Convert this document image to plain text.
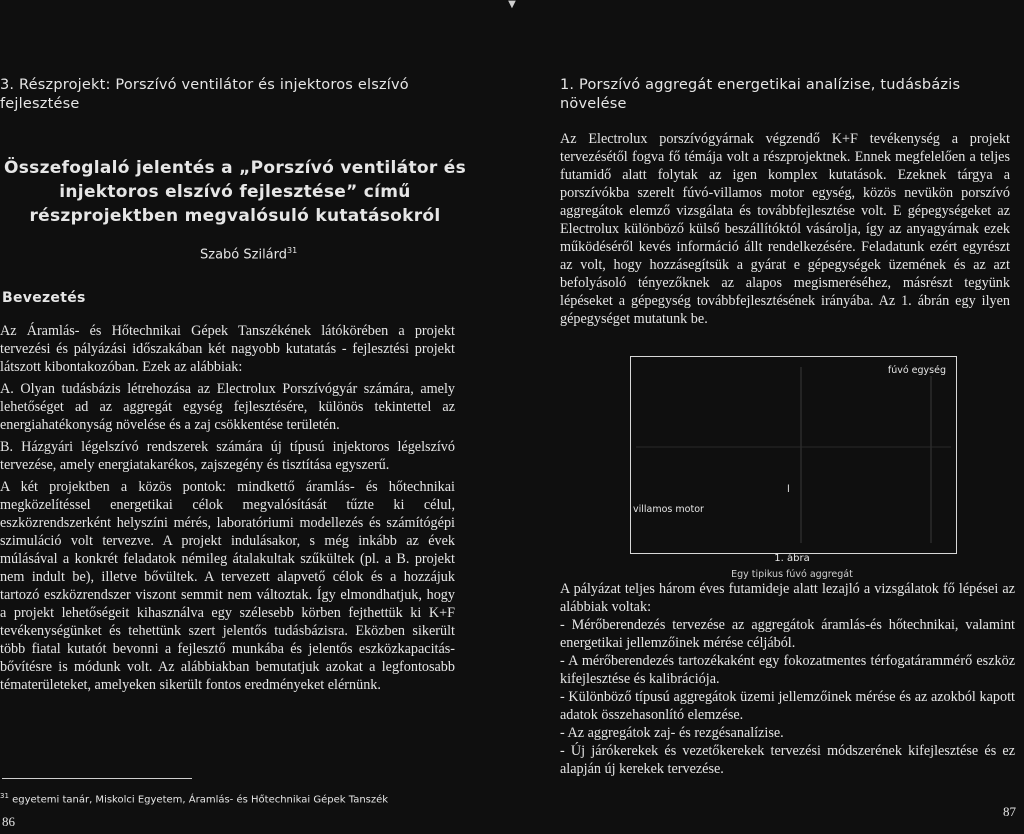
▼
3. Részprojekt: Porszívó ventilátor és injektoros elszívó fejlesztése
Összefoglaló jelentés a „Porszívó ventilátor és injektoros elszívó fejlesztése” című részprojektben megvalósuló kutatásokról
Szabó Szilárd$^{31}$
Bevezetés

Az Áramlás- és Hőtechnikai Gépek Tanszékének látókörében a projekt tervezési és pályázási időszakában két nagyobb kutatatás - fejlesztési projekt látszott kibontakozóban. Ezek az alábbiak:

A. Olyan tudásbázis létrehozása az Electrolux Porszívógyár számára, amely lehetőséget ad az aggregát egység fejlesztésére, különös tekintettel az energiahatékonyság növelése és a zaj csökkentése területén.

B. Házgyári légelszívó rendszerek számára új típusú injektoros légelszívó tervezése, amely energiatakarékos, zajszegény és tisztítása egyszerű.

A két projektben a közös pontok: mindkettő áramlás- és hőtechnikai megközelítéssel energetikai célok megvalósítását tűzte ki célul, eszközrendszerként helyszíni mérés, laboratóriumi modellezés és számítógépi szimuláció volt tervezve. A projekt indulásakor, s még inkább az évek múlásával a konkrét feladatok némileg átalakultak szűkültek (pl. a B. projekt nem indult be), illetve bővültek. A tervezett alapvető célok és a hozzájuk tartozó eszközrendszer viszont semmit nem változtak. Így elmondhatjuk, hogy a projekt lehetőségeit kihasználva egy szélesebb körben fejthettük ki K+F tevékenységünket és tehettünk szert jelentős tudásbázisra. Eközben sikerült több fiatal kutatót bevonni a fejlesztő munkába és jelentős eszközkapacitás-bővítésre is módunk volt. Az alábbiakban bemutatjuk azokat a legfontosabb tématerületeket, amelyeken sikerült fontos eredményeket elérnünk.

$^{31}$ egyetemi tanár, Miskolci Egyetem, Áramlás- és Hőtechnikai Gépek Tanszék
86
1. Porszívó aggregát energetikai analízise, tudásbázis növelése

Az Electrolux porszívógyárnak végzendő K+F tevékenység a projekt tervezésétől fogva fő témája volt a részprojektnek. Ennek megfelelően a teljes futamidő alatt folytak az igen komplex kutatások. Ezeknek tárgya a porszívókba szerelt fúvó-villamos motor egység, közös nevükön porszívó aggregátok elemző vizsgálata és továbbfejlesztése volt. E gépegységeket az Electrolux különböző külső beszállítóktól vásárolja, így az anyagyárnak ezek működéséről kevés információ állt rendelkezésére. Feladatunk ezért egyrészt az volt, hogy hozzásegítsük a gyárat e gépegységek üzemének és az azt befolyásoló tényezőknek az alapos megismeréséhez, másrészt tegyünk lépéseket a gépegység továbbfejlesztésének irányába. Az 1. ábrán egy ilyen gépegységet mutatunk be.

fúvó egység
l
villamos motor
1. ábra
Egy tipikus fúvó aggregát

A pályázat teljes három éves futamideje alatt lezajló a vizsgálatok fő lépései az alábbiak voltak:

- Mérőberendezés tervezése az aggregátok áramlás-és hőtechnikai, valamint energetikai jellemzőinek mérése céljából.
- A mérőberendezés tartozékaként egy fokozatmentes térfogatárammérő eszköz kifejlesztése és kalibrációja.
- Különböző típusú aggregátok üzemi jellemzőinek mérése és az azokból kapott adatok összehasonlító elemzése.
- Az aggregátok zaj- és rezgésanalízise.
- Új járókerekek és vezetőkerekek tervezési módszerének kifejlesztése és ez alapján új kerekek tervezése.
87
